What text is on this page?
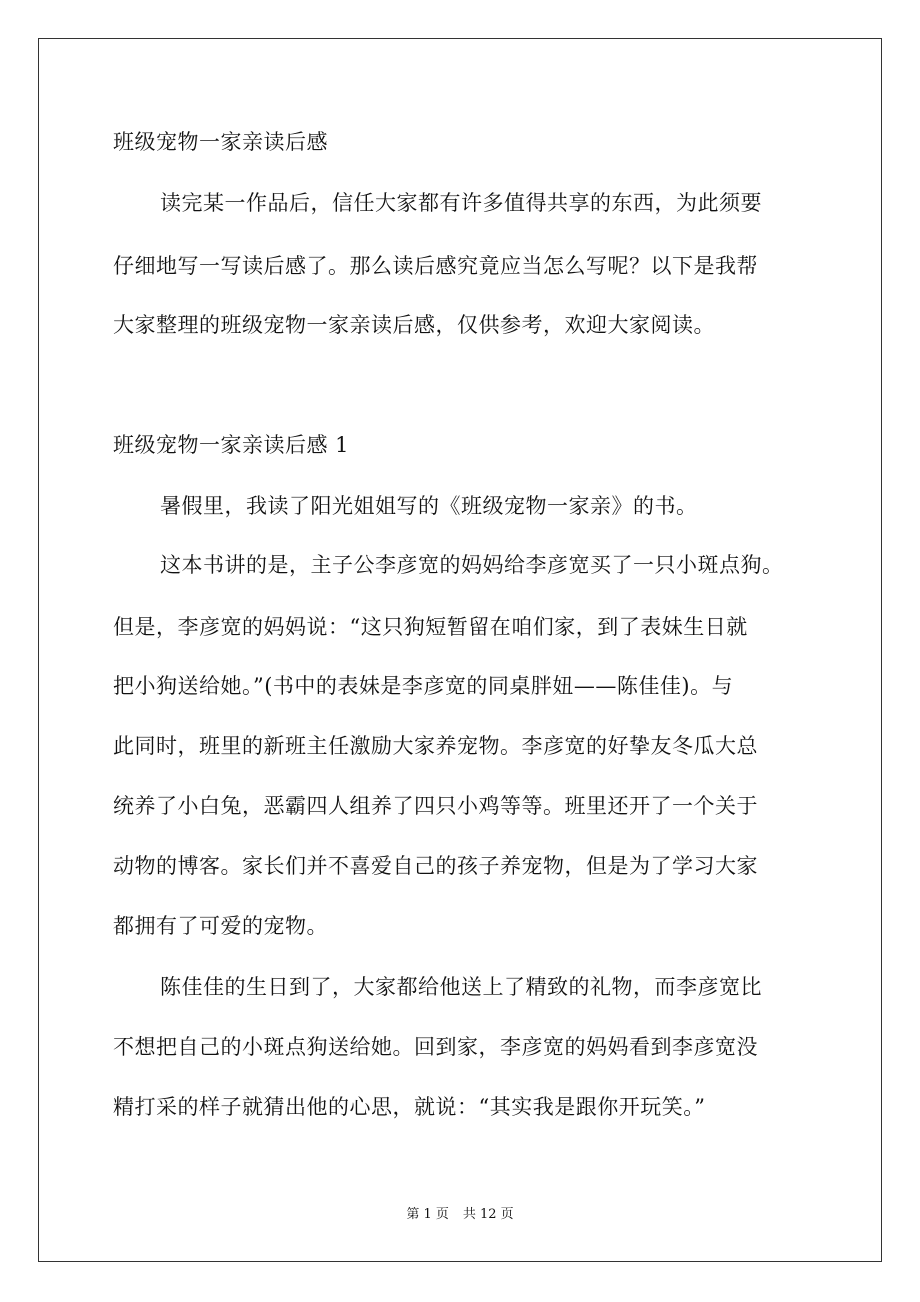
班级宠物一家亲读后感
读完某一作品后，信任大家都有许多值得共享的东西，为此须要
仔细地写一写读后感了。那么读后感究竟应当怎么写呢？以下是我帮
大家整理的班级宠物一家亲读后感，仅供参考，欢迎大家阅读。
班级宠物一家亲读后感 1
暑假里，我读了阳光姐姐写的《班级宠物一家亲》的书。
这本书讲的是，主子公李彦宽的妈妈给李彦宽买了一只小斑点狗。
但是，李彦宽的妈妈说：“这只狗短暂留在咱们家，到了表妹生日就
把小狗送给她。”(书中的表妹是李彦宽的同桌胖妞——陈佳佳)。与
此同时，班里的新班主任激励大家养宠物。李彦宽的好挚友冬瓜大总
统养了小白兔，恶霸四人组养了四只小鸡等等。班里还开了一个关于
动物的博客。家长们并不喜爱自己的孩子养宠物，但是为了学习大家
都拥有了可爱的宠物。
陈佳佳的生日到了，大家都给他送上了精致的礼物，而李彦宽比
不想把自己的小斑点狗送给她。回到家，李彦宽的妈妈看到李彦宽没
精打采的样子就猜出他的心思，就说：“其实我是跟你开玩笑。”
第 1 页 共 12 页
